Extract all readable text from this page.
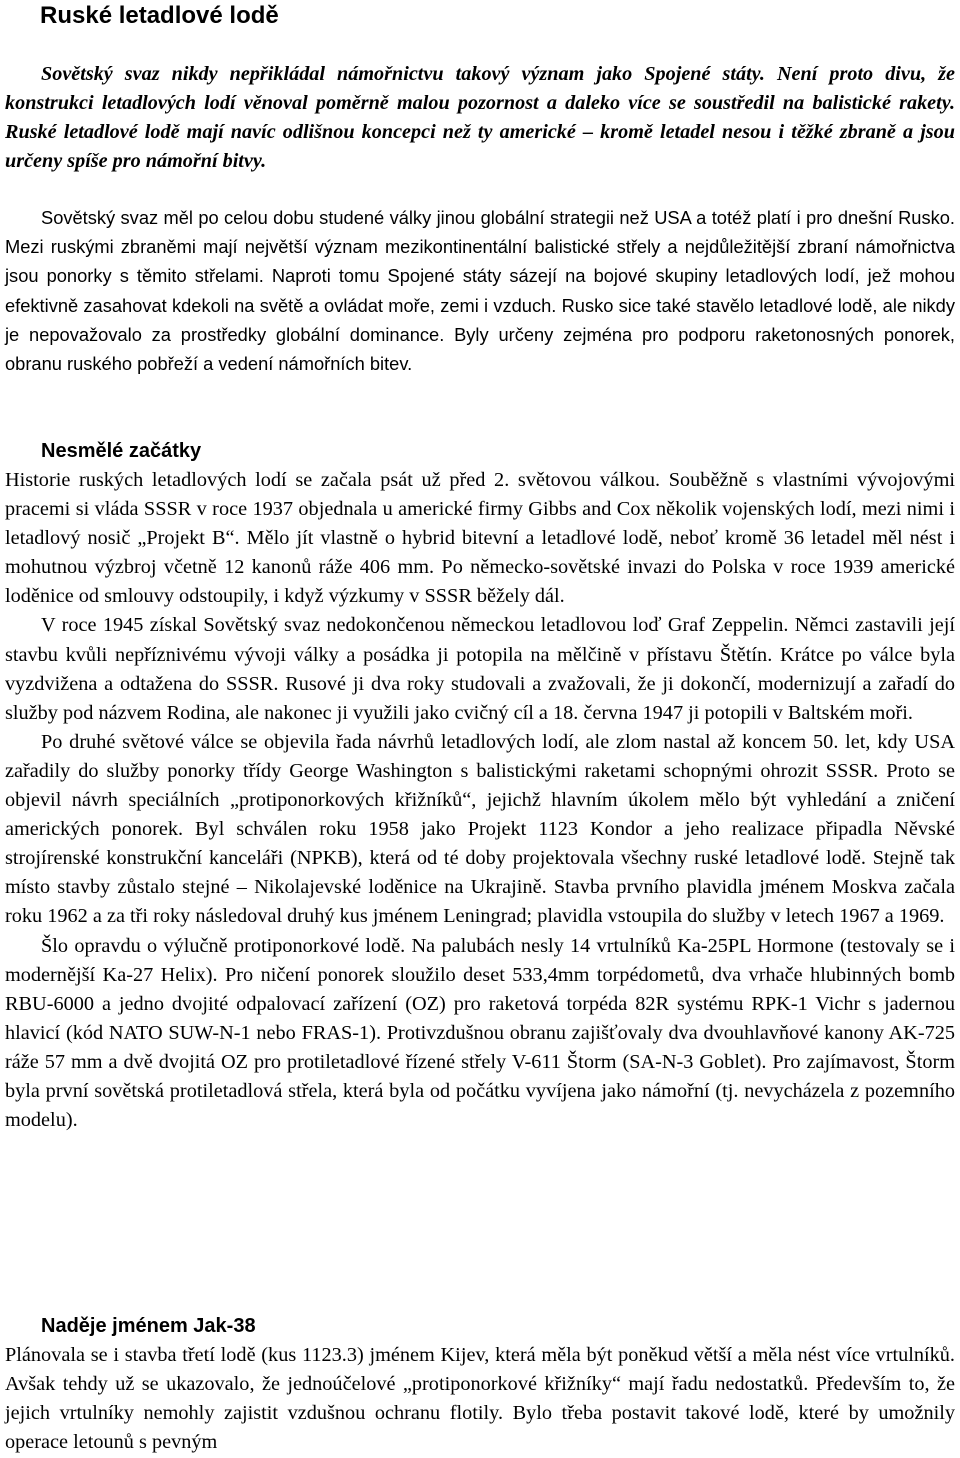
Ruské letadlové lodě

Sovětský svaz nikdy nepřikládal námořnictvu takový význam jako Spojené státy. Není proto divu, že konstrukci letadlových lodí věnoval poměrně malou pozornost a daleko více se soustředil na balistické rakety. Ruské letadlové lodě mají navíc odlišnou koncepci než ty americké – kromě letadel nesou i těžké zbraně a jsou určeny spíše pro námořní bitvy.

Sovětský svaz měl po celou dobu studené války jinou globální strategii než USA a totéž platí i pro dnešní Rusko. Mezi ruskými zbraněmi mají největší význam mezikontinentální balistické střely a nejdůležitější zbraní námořnictva jsou ponorky s těmito střelami. Naproti tomu Spojené státy sázejí na bojové skupiny letadlových lodí, jež mohou efektivně zasahovat kdekoli na světě a ovládat moře, zemi i vzduch. Rusko sice také stavělo letadlové lodě, ale nikdy je nepovažovalo za prostředky globální dominance. Byly určeny zejména pro podporu raketonosných ponorek, obranu ruského pobřeží a vedení námořních bitev.

Nesmělé začátky

Historie ruských letadlových lodí se začala psát už před 2. světovou válkou. Souběžně s vlastními vývojovými pracemi si vláda SSSR v roce 1937 objednala u americké firmy Gibbs and Cox několik vojenských lodí, mezi nimi i letadlový nosič „Projekt B“. Mělo jít vlastně o hybrid bitevní a letadlové lodě, neboť kromě 36 letadel měl nést i mohutnou výzbroj včetně 12 kanonů ráže 406 mm. Po německo-sovětské invazi do Polska v roce 1939 americké loděnice od smlouvy odstoupily, i když výzkumy v SSSR běžely dál.

V roce 1945 získal Sovětský svaz nedokončenou německou letadlovou loď Graf Zeppelin. Němci zastavili její stavbu kvůli nepříznivému vývoji války a posádka ji potopila na mělčině v přístavu Štětín. Krátce po válce byla vyzdvižena a odtažena do SSSR. Rusové ji dva roky studovali a zvažovali, že ji dokončí, modernizují a zařadí do služby pod názvem Rodina, ale nakonec ji využili jako cvičný cíl a 18. června 1947 ji potopili v Baltském moři.

Po druhé světové válce se objevila řada návrhů letadlových lodí, ale zlom nastal až koncem 50. let, kdy USA zařadily do služby ponorky třídy George Washington s balistickými raketami schopnými ohrozit SSSR. Proto se objevil návrh speciálních „protiponorkových křižníků“, jejichž hlavním úkolem mělo být vyhledání a zničení amerických ponorek. Byl schválen roku 1958 jako Projekt 1123 Kondor a jeho realizace připadla Něvské strojírenské konstrukční kanceláři (NPKB), která od té doby projektovala všechny ruské letadlové lodě. Stejně tak místo stavby zůstalo stejné – Nikolajevské loděnice na Ukrajině. Stavba prvního plavidla jménem Moskva začala roku 1962 a za tři roky následoval druhý kus jménem Leningrad; plavidla vstoupila do služby v letech 1967 a 1969.

Šlo opravdu o výlučně protiponorkové lodě. Na palubách nesly 14 vrtulníků Ka-25PL Hormone (testovaly se i modernější Ka-27 Helix). Pro ničení ponorek sloužilo deset 533,4mm torpédometů, dva vrhače hlubinných bomb RBU-6000 a jedno dvojité odpalovací zařízení (OZ) pro raketová torpéda 82R systému RPK-1 Vichr s jadernou hlavicí (kód NATO SUW-N-1 nebo FRAS-1). Protivzdušnou obranu zajišťovaly dva dvouhlavňové kanony AK-725 ráže 57 mm a dvě dvojitá OZ pro protiletadlové řízené střely V-611 Štorm (SA-N-3 Goblet). Pro zajímavost, Štorm byla první sovětská protiletadlová střela, která byla od počátku vyvíjena jako námořní (tj. nevycházela z pozemního modelu).

Naděje jménem Jak-38

Plánovala se i stavba třetí lodě (kus 1123.3) jménem Kijev, která měla být poněkud větší a měla nést více vrtulníků. Avšak tehdy už se ukazovalo, že jednoúčelové „protiponorkové křižníky“ mají řadu nedostatků. Především to, že jejich vrtulníky nemohly zajistit vzdušnou ochranu flotily. Bylo třeba postavit takové lodě, které by umožnily operace letounů s pevným
